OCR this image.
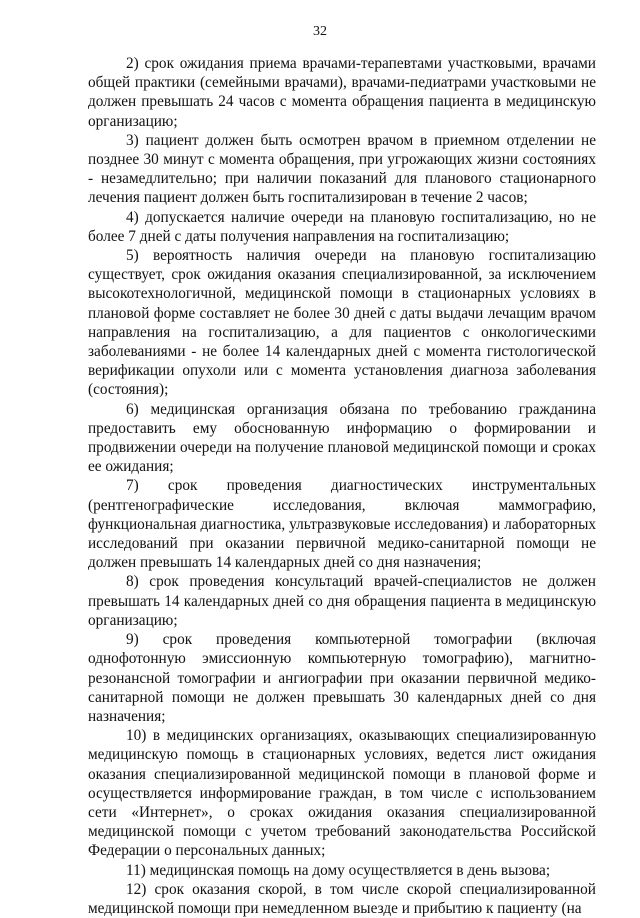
32

2) срок ожидания приема врачами-терапевтами участковыми, врачами общей практики (семейными врачами), врачами-педиатрами участковыми не должен превышать 24 часов с момента обращения пациента в медицинскую организацию;

3) пациент должен быть осмотрен врачом в приемном отделении не позднее 30 минут с момента обращения, при угрожающих жизни состояниях - незамедлительно; при наличии показаний для планового стационарного лечения пациент должен быть госпитализирован в течение 2 часов;

4) допускается наличие очереди на плановую госпитализацию, но не более 7 дней с даты получения направления на госпитализацию;

5) вероятность наличия очереди на плановую госпитализацию существует, срок ожидания оказания специализированной, за исключением высокотехнологичной, медицинской помощи в стационарных условиях в плановой форме составляет не более 30 дней с даты выдачи лечащим врачом направления на госпитализацию, а для пациентов с онкологическими заболеваниями - не более 14 календарных дней с момента гистологической верификации опухоли или с момента установления диагноза заболевания (состояния);

6) медицинская организация обязана по требованию гражданина предоставить ему обоснованную информацию о формировании и продвижении очереди на получение плановой медицинской помощи и сроках ее ожидания;

7) срок проведения диагностических инструментальных (рентгенографические исследования, включая маммографию, функциональная диагностика, ультразвуковые исследования) и лабораторных исследований при оказании первичной медико-санитарной помощи не должен превышать 14 календарных дней со дня назначения;

8) срок проведения консультаций врачей-специалистов не должен превышать 14 календарных дней со дня обращения пациента в медицинскую организацию;

9) срок проведения компьютерной томографии (включая однофотонную эмиссионную компьютерную томографию), магнитно-резонансной томографии и ангиографии при оказании первичной медико-санитарной помощи не должен превышать 30 календарных дней со дня назначения;

10) в медицинских организациях, оказывающих специализированную медицинскую помощь в стационарных условиях, ведется лист ожидания оказания специализированной медицинской помощи в плановой форме и осуществляется информирование граждан, в том числе с использованием сети «Интернет», о сроках ожидания оказания специализированной медицинской помощи с учетом требований законодательства Российской Федерации о персональных данных;

11) медицинская помощь на дому осуществляется в день вызова;

12) срок оказания скорой, в том числе скорой специализированной медицинской помощи при немедленном выезде и прибытию к пациенту (на
